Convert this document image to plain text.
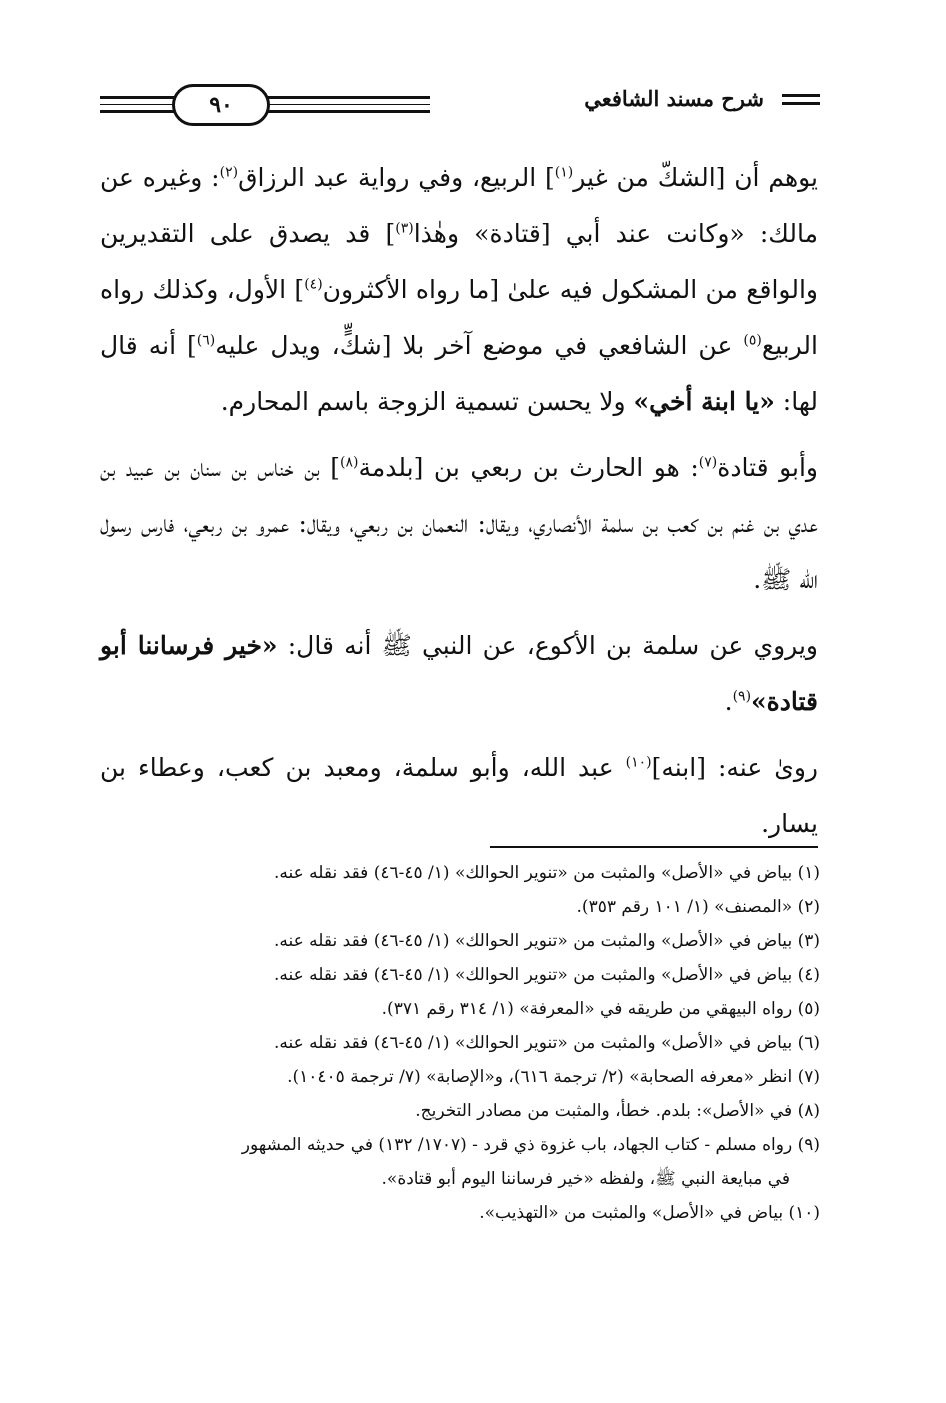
٩٠	شرح مسند الشافعي

يوهم أن [الشكّ من غير$^{(١)}$] الربيع، وفي رواية عبد الرزاق$^{(٢)}$: وغيره عن مالك: «وكانت عند أبي [قتادة» وهٰذا$^{(٣)}$] قد يصدق على التقديرين والواقع من المشكول فيه علىٰ [ما رواه الأكثرون$^{(٤)}$] الأول، وكذلك رواه الربيع$^{(٥)}$ عن الشافعي في موضع آخر بلا [شكٍّ، ويدل عليه$^{(٦)}$] أنه قال لها: «يا ابنة أخي» ولا يحسن تسمية الزوجة باسم المحارم.

وأبو قتادة$^{(٧)}$: هو الحارث بن ربعي بن [بلدمة$^{(٨)}$] بن خناس بن سنان بن عبيد بن عدي بن غنم بن كعب بن سلمة الأنصاري، ويقال: النعمان بن ربعي، ويقال: عمرو بن ربعي، فارس رسول الله ﷺ.

ويروي عن سلمة بن الأكوع، عن النبي ﷺ أنه قال: «خير فرساننا أبو قتادة»$^{(٩)}$.

روىٰ عنه: [ابنه]$^{(١٠)}$ عبد الله، وأبو سلمة، ومعبد بن كعب، وعطاء بن يسار.

(١) بياض في «الأصل» والمثبت من «تنوير الحوالك» (١/ ٤٥-٤٦) فقد نقله عنه.
(٢) «المصنف» (١/ ١٠١ رقم ٣٥٣).
(٣) بياض في «الأصل» والمثبت من «تنوير الحوالك» (١/ ٤٥-٤٦) فقد نقله عنه.
(٤) بياض في «الأصل» والمثبت من «تنوير الحوالك» (١/ ٤٥-٤٦) فقد نقله عنه.
(٥) رواه البيهقي من طريقه في «المعرفة» (١/ ٣١٤ رقم ٣٧١).
(٦) بياض في «الأصل» والمثبت من «تنوير الحوالك» (١/ ٤٥-٤٦) فقد نقله عنه.
(٧) انظر «معرفه الصحابة» (٢/ ترجمة ٦١٦)، و«الإصابة» (٧/ ترجمة ١٠٤٠٥).
(٨) في «الأصل»: بلدم. خطأ، والمثبت من مصادر التخريج.
(٩) رواه مسلم - كتاب الجهاد، باب غزوة ذي قرد - (١٧٠٧/ ١٣٢) في حديثه المشهور
في مبايعة النبي ﷺ، ولفظه «خير فرساننا اليوم أبو قتادة».
(١٠) بياض في «الأصل» والمثبت من «التهذيب».
